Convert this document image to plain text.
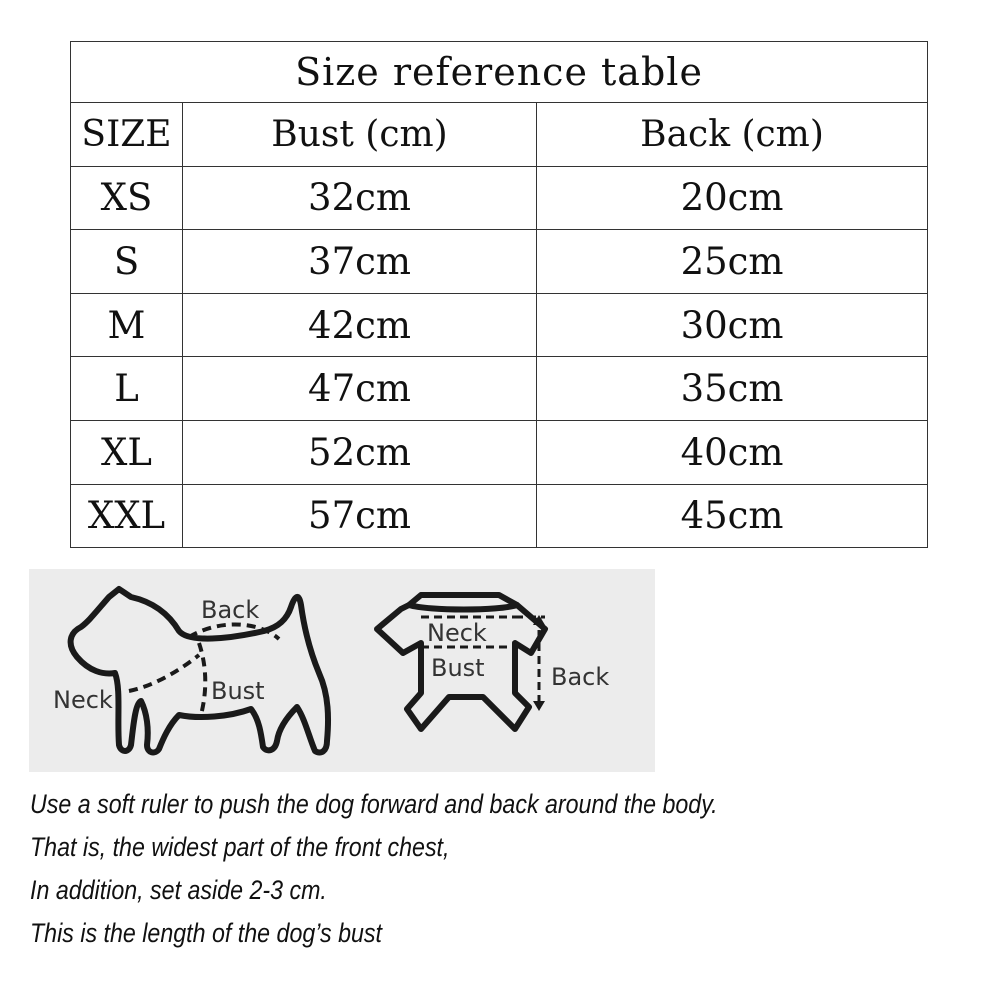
Size reference table		
SIZE	Bust (cm)	Back (cm)
XS	32cm	20cm
S	37cm	25cm
M	42cm	30cm
L	47cm	35cm
XL	52cm	40cm
XXL	57cm	45cm
Back
Neck	Bust
Neck
Bust	Back
Use a soft ruler to push the dog forward and back around the body.
That is, the widest part of the front chest,
In addition, set aside 2-3 cm.
This is the length of the dog’s bust
